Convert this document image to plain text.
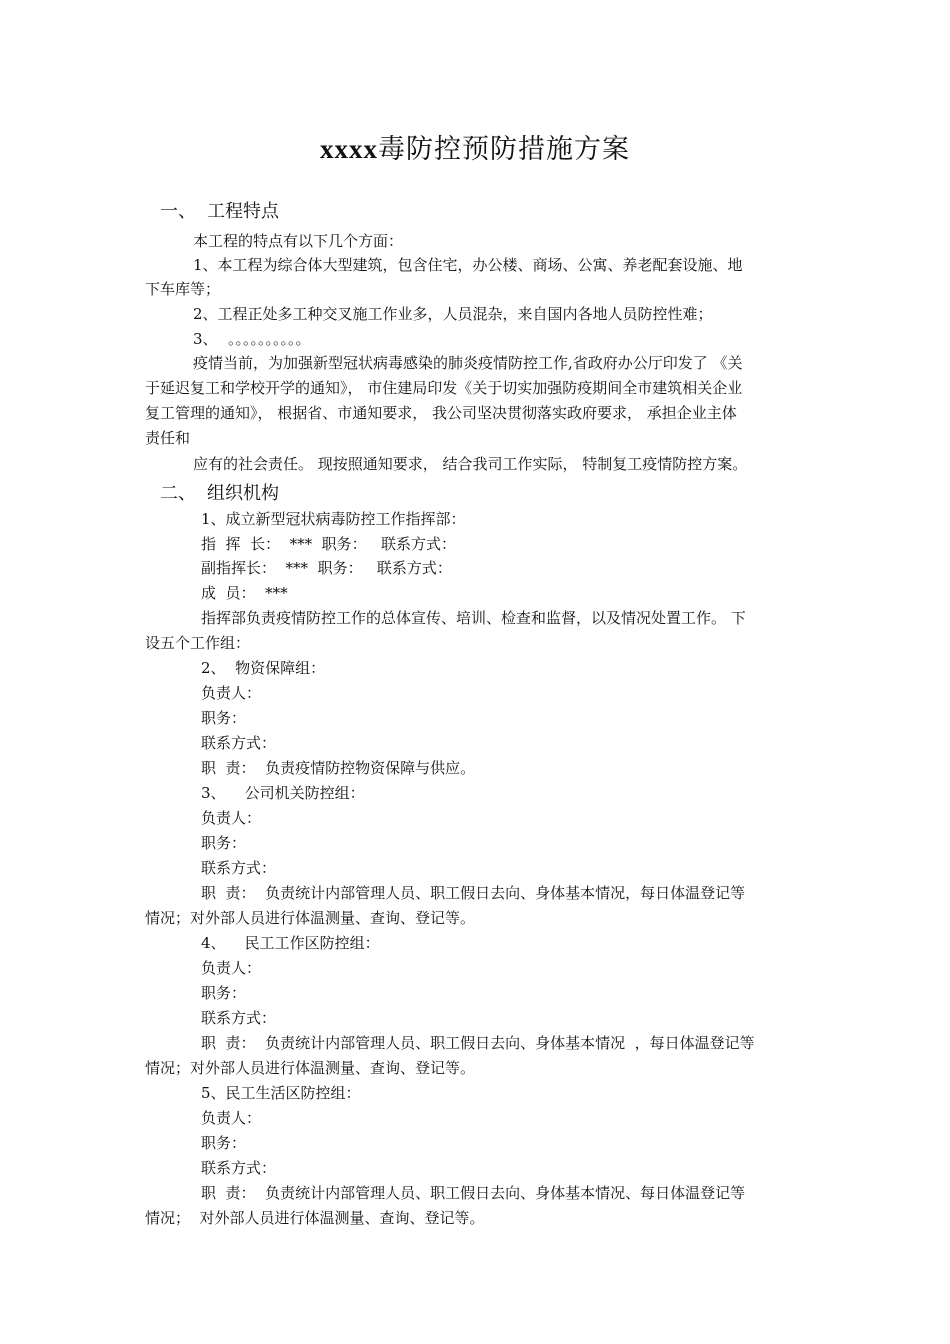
xxxx毒防控预防措施方案
一、 工程特点
本工程的特点有以下几个方面：
1、本工程为综合体大型建筑，包含住宅，办公楼、商场、公寓、养老配套设施、地
下车库等；
2、工程正处多工种交叉施工作业多，人员混杂，来自国内各地人员防控性难；
3、 。。。。。。。。。。
疫情当前，为加强新型冠状病毒感染的肺炎疫情防控工作,省政府办公厅印发了 《关
于延迟复工和学校开学的通知》， 市住建局印发《关于切实加强防疫期间全市建筑相关企业
复工管理的通知》， 根据省、市通知要求， 我公司坚决贯彻落实政府要求， 承担企业主体
责任和
应有的社会责任。 现按照通知要求， 结合我司工作实际， 特制复工疫情防控方案。
二、 组织机构
1、成立新型冠状病毒防控工作指挥部：
指  挥  长：  ***  职务：   联系方式：
副指挥长：  ***  职务：   联系方式：
成  员：  ***
指挥部负责疫情防控工作的总体宣传、培训、检查和监督，以及情况处置工作。 下
设五个工作组：
2、  物资保障组：
负责人：
职务：
联系方式：
职  责：  负责疫情防控物资保障与供应。
3、    公司机关防控组：
负责人：
职务：
联系方式：
职  责：  负责统计内部管理人员、职工假日去向、身体基本情况，每日体温登记等
情况；对外部人员进行体温测量、查询、登记等。
4、    民工工作区防控组：
负责人：
职务：
联系方式：
职  责：  负责统计内部管理人员、职工假日去向、身体基本情况  ，每日体温登记等
情况；对外部人员进行体温测量、查询、登记等。
5、民工生活区防控组：
负责人：
职务：
联系方式：
职  责：  负责统计内部管理人员、职工假日去向、身体基本情况、每日体温登记等
情况；  对外部人员进行体温测量、查询、登记等。
